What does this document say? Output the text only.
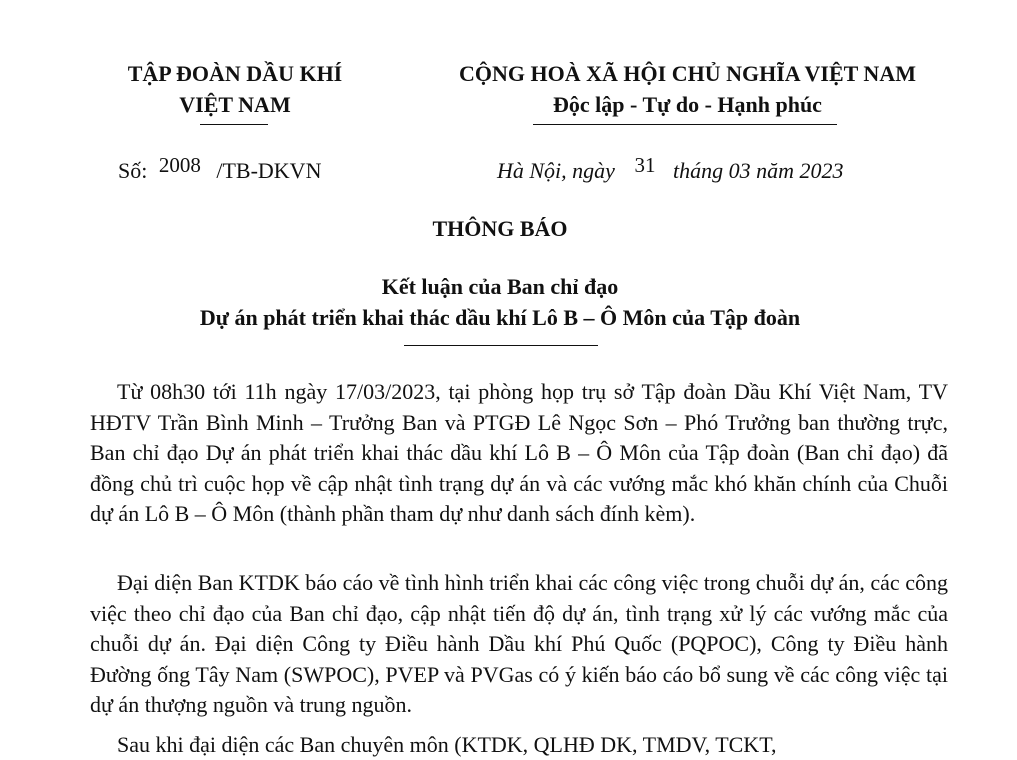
TẬP ĐOÀN DẦU KHÍ
VIỆT NAM
CỘNG HOÀ XÃ HỘI CHỦ NGHĨA VIỆT NAM
Độc lập - Tự do - Hạnh phúc
Số: 2008 /TB-DKVN	Hà Nội, ngày 31 tháng 03 năm 2023
THÔNG BÁO
Kết luận của Ban chỉ đạo
Dự án phát triển khai thác dầu khí Lô B – Ô Môn của Tập đoàn

Từ 08h30 tới 11h ngày 17/03/2023, tại phòng họp trụ sở Tập đoàn Dầu Khí Việt Nam, TV HĐTV Trần Bình Minh – Trưởng Ban và PTGĐ Lê Ngọc Sơn – Phó Trưởng ban thường trực, Ban chỉ đạo Dự án phát triển khai thác dầu khí Lô B – Ô Môn của Tập đoàn (Ban chỉ đạo) đã đồng chủ trì cuộc họp về cập nhật tình trạng dự án và các vướng mắc khó khăn chính của Chuỗi dự án Lô B – Ô Môn (thành phần tham dự như danh sách đính kèm).

Đại diện Ban KTDK báo cáo về tình hình triển khai các công việc trong chuỗi dự án, các công việc theo chỉ đạo của Ban chỉ đạo, cập nhật tiến độ dự án, tình trạng xử lý các vướng mắc của chuỗi dự án. Đại diện Công ty Điều hành Dầu khí Phú Quốc (PQPOC), Công ty Điều hành Đường ống Tây Nam (SWPOC), PVEP và PVGas có ý kiến báo cáo bổ sung về các công việc tại dự án thượng nguồn và trung nguồn.

Sau khi đại diện các Ban chuyên môn (KTDK, QLHĐ DK, TMDV, TCKT,
